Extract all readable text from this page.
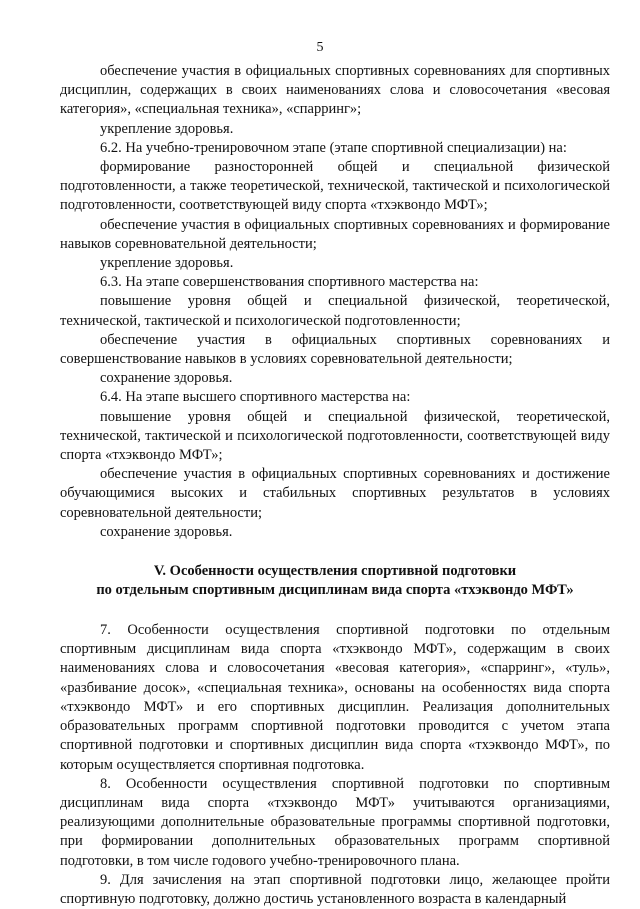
5

обеспечение участия в официальных спортивных соревнованиях для спортивных дисциплин, содержащих в своих наименованиях слова и словосочетания «весовая категория», «специальная техника», «спарринг»;

укрепление здоровья.

6.2. На учебно-тренировочном этапе (этапе спортивной специализации) на:

формирование разносторонней общей и специальной физической подготовленности, а также теоретической, технической, тактической и психологической подготовленности, соответствующей виду спорта «тхэквондо МФТ»;

обеспечение участия в официальных спортивных соревнованиях и формирование навыков соревновательной деятельности;

укрепление здоровья.

6.3. На этапе совершенствования спортивного мастерства на:

повышение уровня общей и специальной физической, теоретической, технической, тактической и психологической подготовленности;

обеспечение участия в официальных спортивных соревнованиях и совершенствование навыков в условиях соревновательной деятельности;

сохранение здоровья.

6.4. На этапе высшего спортивного мастерства на:

повышение уровня общей и специальной физической, теоретической, технической, тактической и психологической подготовленности, соответствующей виду спорта «тхэквондо МФТ»;

обеспечение участия в официальных спортивных соревнованиях и достижение обучающимися высоких и стабильных спортивных результатов в условиях соревновательной деятельности;

сохранение здоровья.

V. Особенности осуществления спортивной подготовки
по отдельным спортивным дисциплинам вида спорта «тхэквондо МФТ»

7. Особенности осуществления спортивной подготовки по отдельным спортивным дисциплинам вида спорта «тхэквондо МФТ», содержащим в своих наименованиях слова и словосочетания «весовая категория», «спарринг», «туль», «разбивание досок», «специальная техника», основаны на особенностях вида спорта «тхэквондо МФТ» и его спортивных дисциплин. Реализация дополнительных образовательных программ спортивной подготовки проводится с учетом этапа спортивной подготовки и спортивных дисциплин вида спорта «тхэквондо МФТ», по которым осуществляется спортивная подготовка.

8. Особенности осуществления спортивной подготовки по спортивным дисциплинам вида спорта «тхэквондо МФТ» учитываются организациями, реализующими дополнительные образовательные программы спортивной подготовки, при формировании дополнительных образовательных программ спортивной подготовки, в том числе годового учебно-тренировочного плана.

9. Для зачисления на этап спортивной подготовки лицо, желающее пройти спортивную подготовку, должно достичь установленного возраста в календарный
